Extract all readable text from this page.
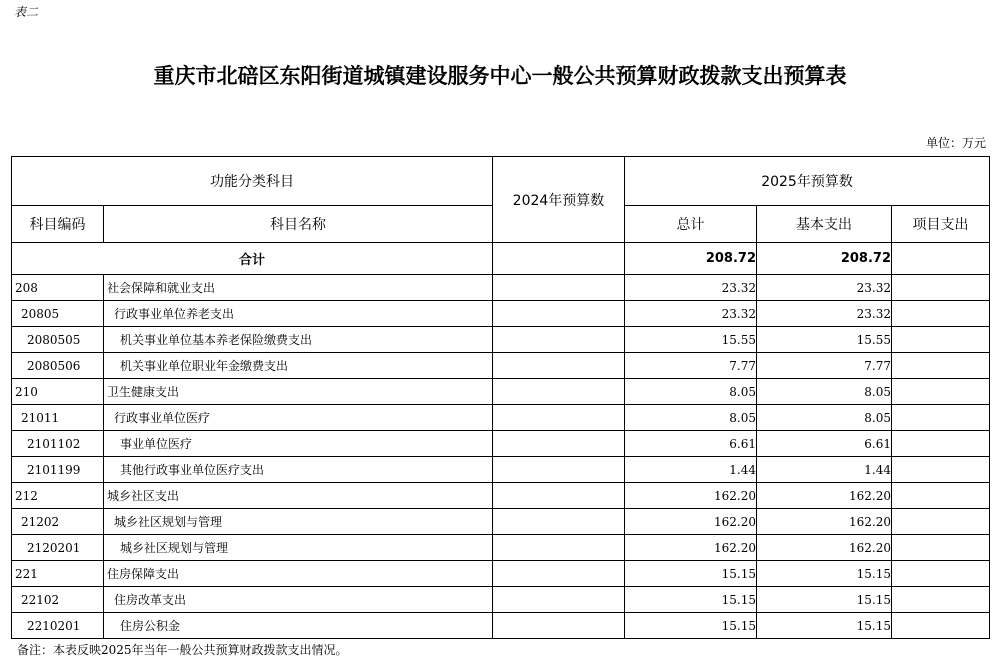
表二
重庆市北碚区东阳街道城镇建设服务中心一般公共预算财政拨款支出预算表
单位：万元
功能分类科目		2024年预算数	2025年预算数		
科目编码	科目名称		总计	基本支出	项目支出
合计			208.72	208.72	
208	社会保障和就业支出		23.32	23.32	
20805	行政事业单位养老支出		23.32	23.32	
2080505	机关事业单位基本养老保险缴费支出		15.55	15.55	
2080506	机关事业单位职业年金缴费支出		7.77	7.77	
210	卫生健康支出		8.05	8.05	
21011	行政事业单位医疗		8.05	8.05	
2101102	事业单位医疗		6.61	6.61	
2101199	其他行政事业单位医疗支出		1.44	1.44	
212	城乡社区支出		162.20	162.20	
21202	城乡社区规划与管理		162.20	162.20	
2120201	城乡社区规划与管理		162.20	162.20	
221	住房保障支出		15.15	15.15	
22102	住房改革支出		15.15	15.15	
2210201	住房公积金		15.15	15.15	
备注：本表反映2025年当年一般公共预算财政拨款支出情况。
